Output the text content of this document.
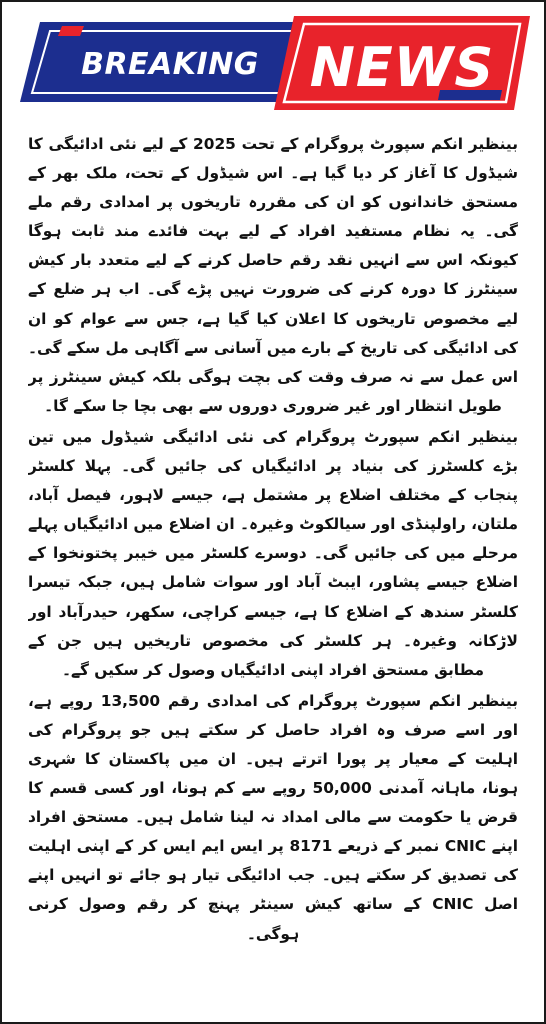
BREAKING NEWS

بینظیر انکم سپورٹ پروگرام کے تحت 2025 کے لیے نئی ادائیگی کا شیڈول کا آغاز کر دیا گیا ہے۔ اس شیڈول کے تحت، ملک بھر کے مستحق خاندانوں کو ان کی مقررہ تاریخوں پر امدادی رقم ملے گی۔ یہ نظام مستفید افراد کے لیے بہت فائدے مند ثابت ہوگا کیونکہ اس سے انہیں نقد رقم حاصل کرنے کے لیے متعدد بار کیش سینٹرز کا دورہ کرنے کی ضرورت نہیں پڑے گی۔ اب ہر ضلع کے لیے مخصوص تاریخوں کا اعلان کیا گیا ہے، جس سے عوام کو ان کی ادائیگی کی تاریخ کے بارے میں آسانی سے آگاہی مل سکے گی۔ اس عمل سے نہ صرف وقت کی بچت ہوگی بلکہ کیش سینٹرز پر طویل انتظار اور غیر ضروری دوروں سے بھی بچا جا سکے گا۔

بینظیر انکم سپورٹ پروگرام کی نئی ادائیگی شیڈول میں تین بڑے کلسٹرز کی بنیاد پر ادائیگیاں کی جائیں گی۔ پہلا کلسٹر پنجاب کے مختلف اضلاع پر مشتمل ہے، جیسے لاہور، فیصل آباد، ملتان، راولپنڈی اور سیالکوٹ وغیرہ۔ ان اضلاع میں ادائیگیاں پہلے مرحلے میں کی جائیں گی۔ دوسرے کلسٹر میں خیبر پختونخوا کے اضلاع جیسے پشاور، ایبٹ آباد اور سوات شامل ہیں، جبکہ تیسرا کلسٹر سندھ کے اضلاع کا ہے، جیسے کراچی، سکھر، حیدرآباد اور لاڑکانہ وغیرہ۔ ہر کلسٹر کی مخصوص تاریخیں ہیں جن کے مطابق مستحق افراد اپنی ادائیگیاں وصول کر سکیں گے۔

بینظیر انکم سپورٹ پروگرام کی امدادی رقم 13,500 روپے ہے، اور اسے صرف وہ افراد حاصل کر سکتے ہیں جو پروگرام کی اہلیت کے معیار پر پورا اترتے ہیں۔ ان میں پاکستان کا شہری ہونا، ماہانہ آمدنی 50,000 روپے سے کم ہونا، اور کسی قسم کا قرض یا حکومت سے مالی امداد نہ لینا شامل ہیں۔ مستحق افراد اپنے CNIC نمبر کے ذریعے 8171 پر ایس ایم ایس کر کے اپنی اہلیت کی تصدیق کر سکتے ہیں۔ جب ادائیگی تیار ہو جائے تو انہیں اپنے اصل CNIC کے ساتھ کیش سینٹر پہنچ کر رقم وصول کرنی ہوگی۔
